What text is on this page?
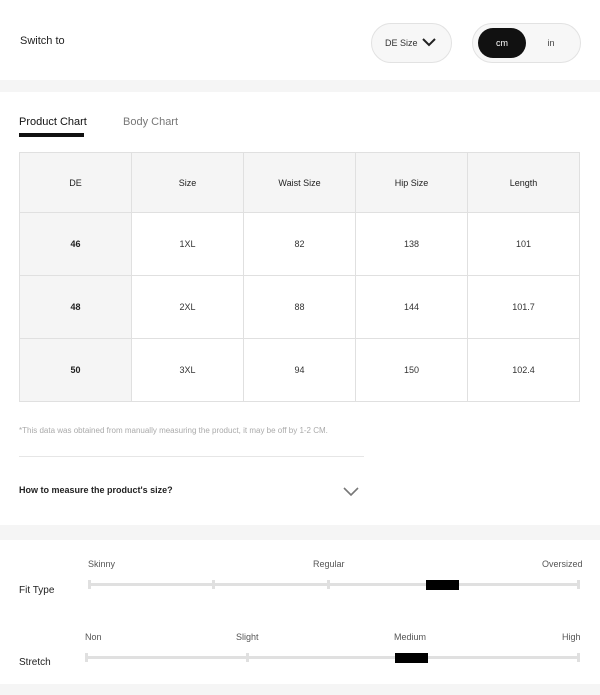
Switch to	DE Size	cm	in
Product Chart	Body Chart
DE	Size	Waist Size	Hip Size	Length
46	1XL	82	138	101
48	2XL	88	144	101.7
50	3XL	94	150	102.4
*This data was obtained from manually measuring the product, it may be off by 1-2 CM.
How to measure the product's size?
Skinny	Regular	Oversized
Fit Type
Non	Slight	Medium	High
Stretch
